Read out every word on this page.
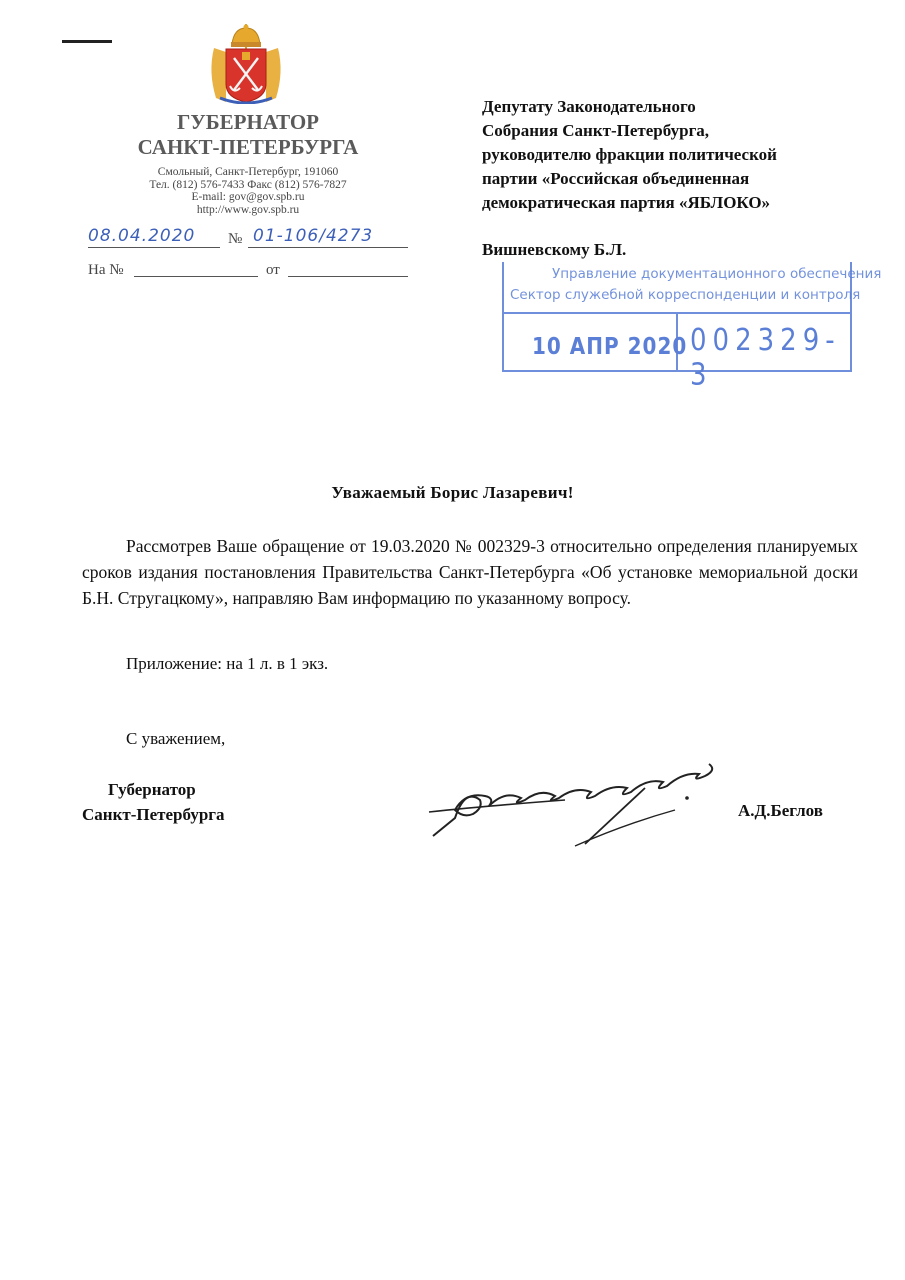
ГУБЕРНАТОР
САНКТ-ПЕТЕРБУРГА
Смольный, Санкт-Петербург, 191060
Тел. (812) 576-7433 Факс (812) 576-7827
E-mail: gov@gov.spb.ru
http://www.gov.spb.ru
08.04.2020 № 01-106/4273
На №	от
Депутату Законодательного
Собрания Санкт-Петербурга,
руководителю фракции политической
партии «Российская объединенная
демократическая партия «ЯБЛОКО»
Вишневскому Б.Л.
Управление документационного обеспечения
Сектор служебной корреспонденции и контроля
10 АПР 2020 002329-3
Уважаемый Борис Лазаревич!
Рассмотрев Ваше обращение от 19.03.2020 № 002329-3 относительно определения планируемых сроков издания постановления Правительства Санкт-Петербурга «Об установке мемориальной доски Б.Н. Стругацкому», направляю Вам информацию по указанному вопросу.
Приложение: на 1 л. в 1 экз.
С уважением,
Губернатор
Санкт-Петербурга	А.Д.Беглов
